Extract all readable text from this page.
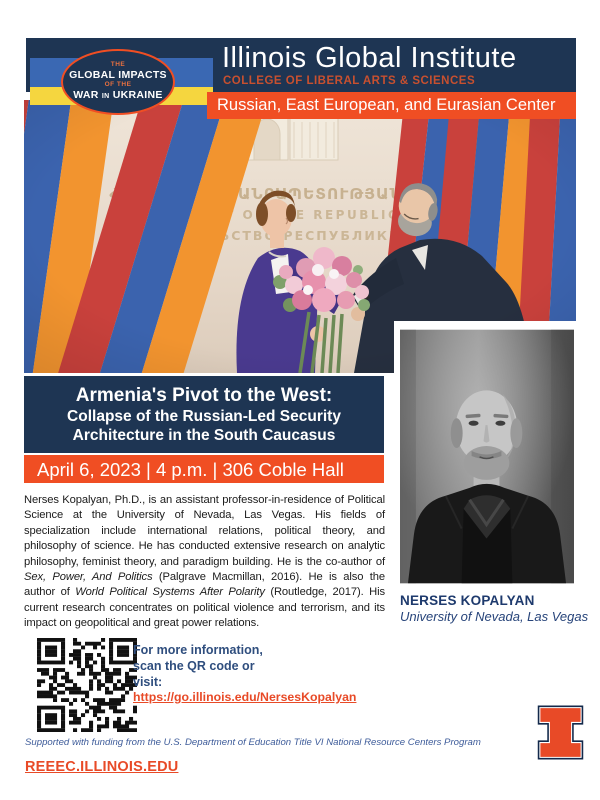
Illinois Global Institute
COLLEGE OF LIBERAL ARTS & SCIENCES
Russian, East European, and Eurasian Center
THE
GLOBAL IMPACTS
OF THE
WAR IN UKRAINE
Armenia's Pivot to the West:
Collapse of the Russian-Led Security
Architecture in the South Caucasus
April 6, 2023 | 4 p.m. | 306 Coble Hall
NERSES KOPALYAN
University of Nevada, Las Vegas
Nerses Kopalyan, Ph.D., is an assistant professor-in-residence of Political Science at the University of Nevada, Las Vegas. His fields of specialization include international relations, political theory, and philosophy of science. He has conducted extensive research on analytic philosophy, feminist theory, and paradigm building. He is the co-author of Sex, Power, And Politics (Palgrave Macmillan, 2016). He is also the author of World Political Systems After Polarity (Routledge, 2017). His current research concentrates on political violence and terrorism, and its impact on geopolitical and great power relations.
For more information,
scan the QR code or
visit:
https://go.illinois.edu/NersesKopalyan
Supported with funding from the U.S. Department of Education Title VI National Resource Centers Program
REEEC.ILLINOIS.EDU
